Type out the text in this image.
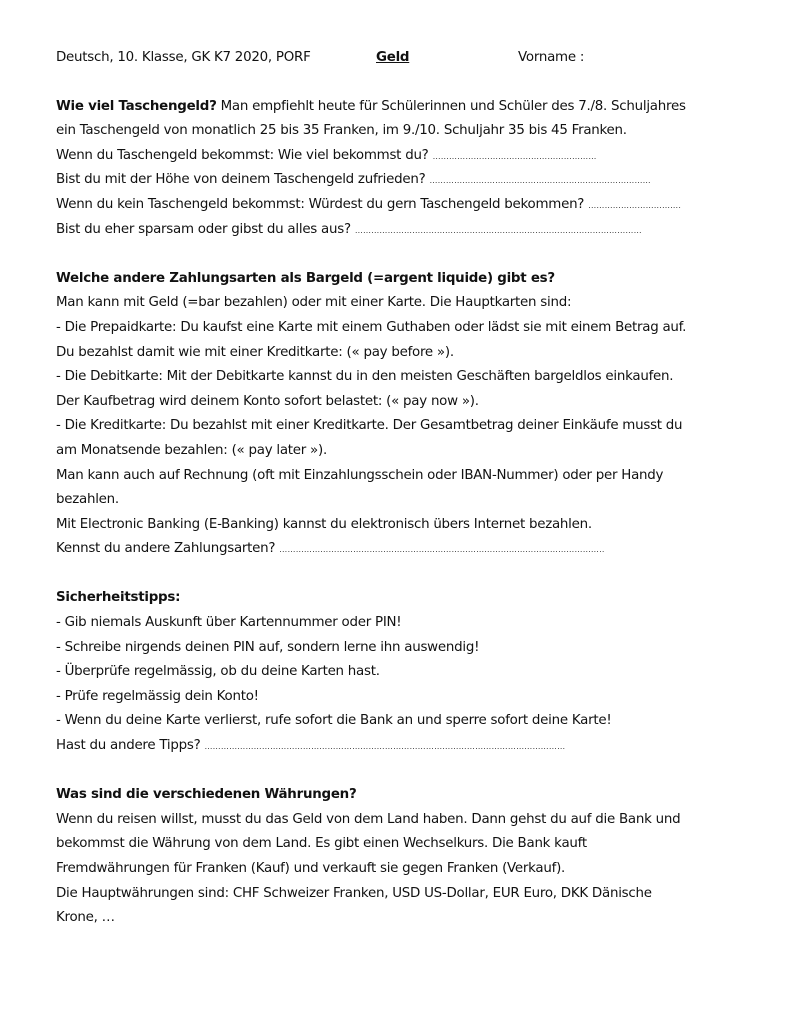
Deutsch, 10. Klasse, GK K7 2020, PORF	Geld	Vorname :
Wie viel Taschengeld? Man empfiehlt heute für Schülerinnen und Schüler des 7./8. Schuljahres
ein Taschengeld von monatlich 25 bis 35 Franken, im 9./10. Schuljahr 35 bis 45 Franken.
Wenn du Taschengeld bekommst: Wie viel bekommst du? ……………………………………………………
Bist du mit der Höhe von deinem Taschengeld zufrieden? ………………………………………………………………………
Wenn du kein Taschengeld bekommst: Würdest du gern Taschengeld bekommen? …………………………….
Bist du eher sparsam oder gibst du alles aus? ……………………………………………………………………………………………
Welche andere Zahlungsarten als Bargeld (=argent liquide) gibt es?
Man kann mit Geld (=bar bezahlen) oder mit einer Karte. Die Hauptkarten sind:
- Die Prepaidkarte: Du kaufst eine Karte mit einem Guthaben oder lädst sie mit einem Betrag auf.
Du bezahlst damit wie mit einer Kreditkarte: (« pay before »).
- Die Debitkarte: Mit der Debitkarte kannst du in den meisten Geschäften bargeldlos einkaufen.
Der Kaufbetrag wird deinem Konto sofort belastet: (« pay now »).
- Die Kreditkarte: Du bezahlst mit einer Kreditkarte. Der Gesamtbetrag deiner Einkäufe musst du
am Monatsende bezahlen: (« pay later »).
Man kann auch auf Rechnung (oft mit Einzahlungsschein oder IBAN-Nummer) oder per Handy
bezahlen.
Mit Electronic Banking (E-Banking) kannst du elektronisch übers Internet bezahlen.
Kennst du andere Zahlungsarten? ………………………………………………………………………………………………………..
Sicherheitstipps:
- Gib niemals Auskunft über Kartennummer oder PIN!
- Schreibe nirgends deinen PIN auf, sondern lerne ihn auswendig!
- Überprüfe regelmässig, ob du deine Karten hast.
- Prüfe regelmässig dein Konto!
- Wenn du deine Karte verlierst, rufe sofort die Bank an und sperre sofort deine Karte!
Hast du andere Tipps? ……………………………………………………………………………………………………………………
Was sind die verschiedenen Währungen?
Wenn du reisen willst, musst du das Geld von dem Land haben. Dann gehst du auf die Bank und
bekommst die Währung von dem Land. Es gibt einen Wechselkurs. Die Bank kauft
Fremdwährungen für Franken (Kauf) und verkauft sie gegen Franken (Verkauf).
Die Hauptwährungen sind: CHF Schweizer Franken, USD US-Dollar, EUR Euro, DKK Dänische
Krone, …
